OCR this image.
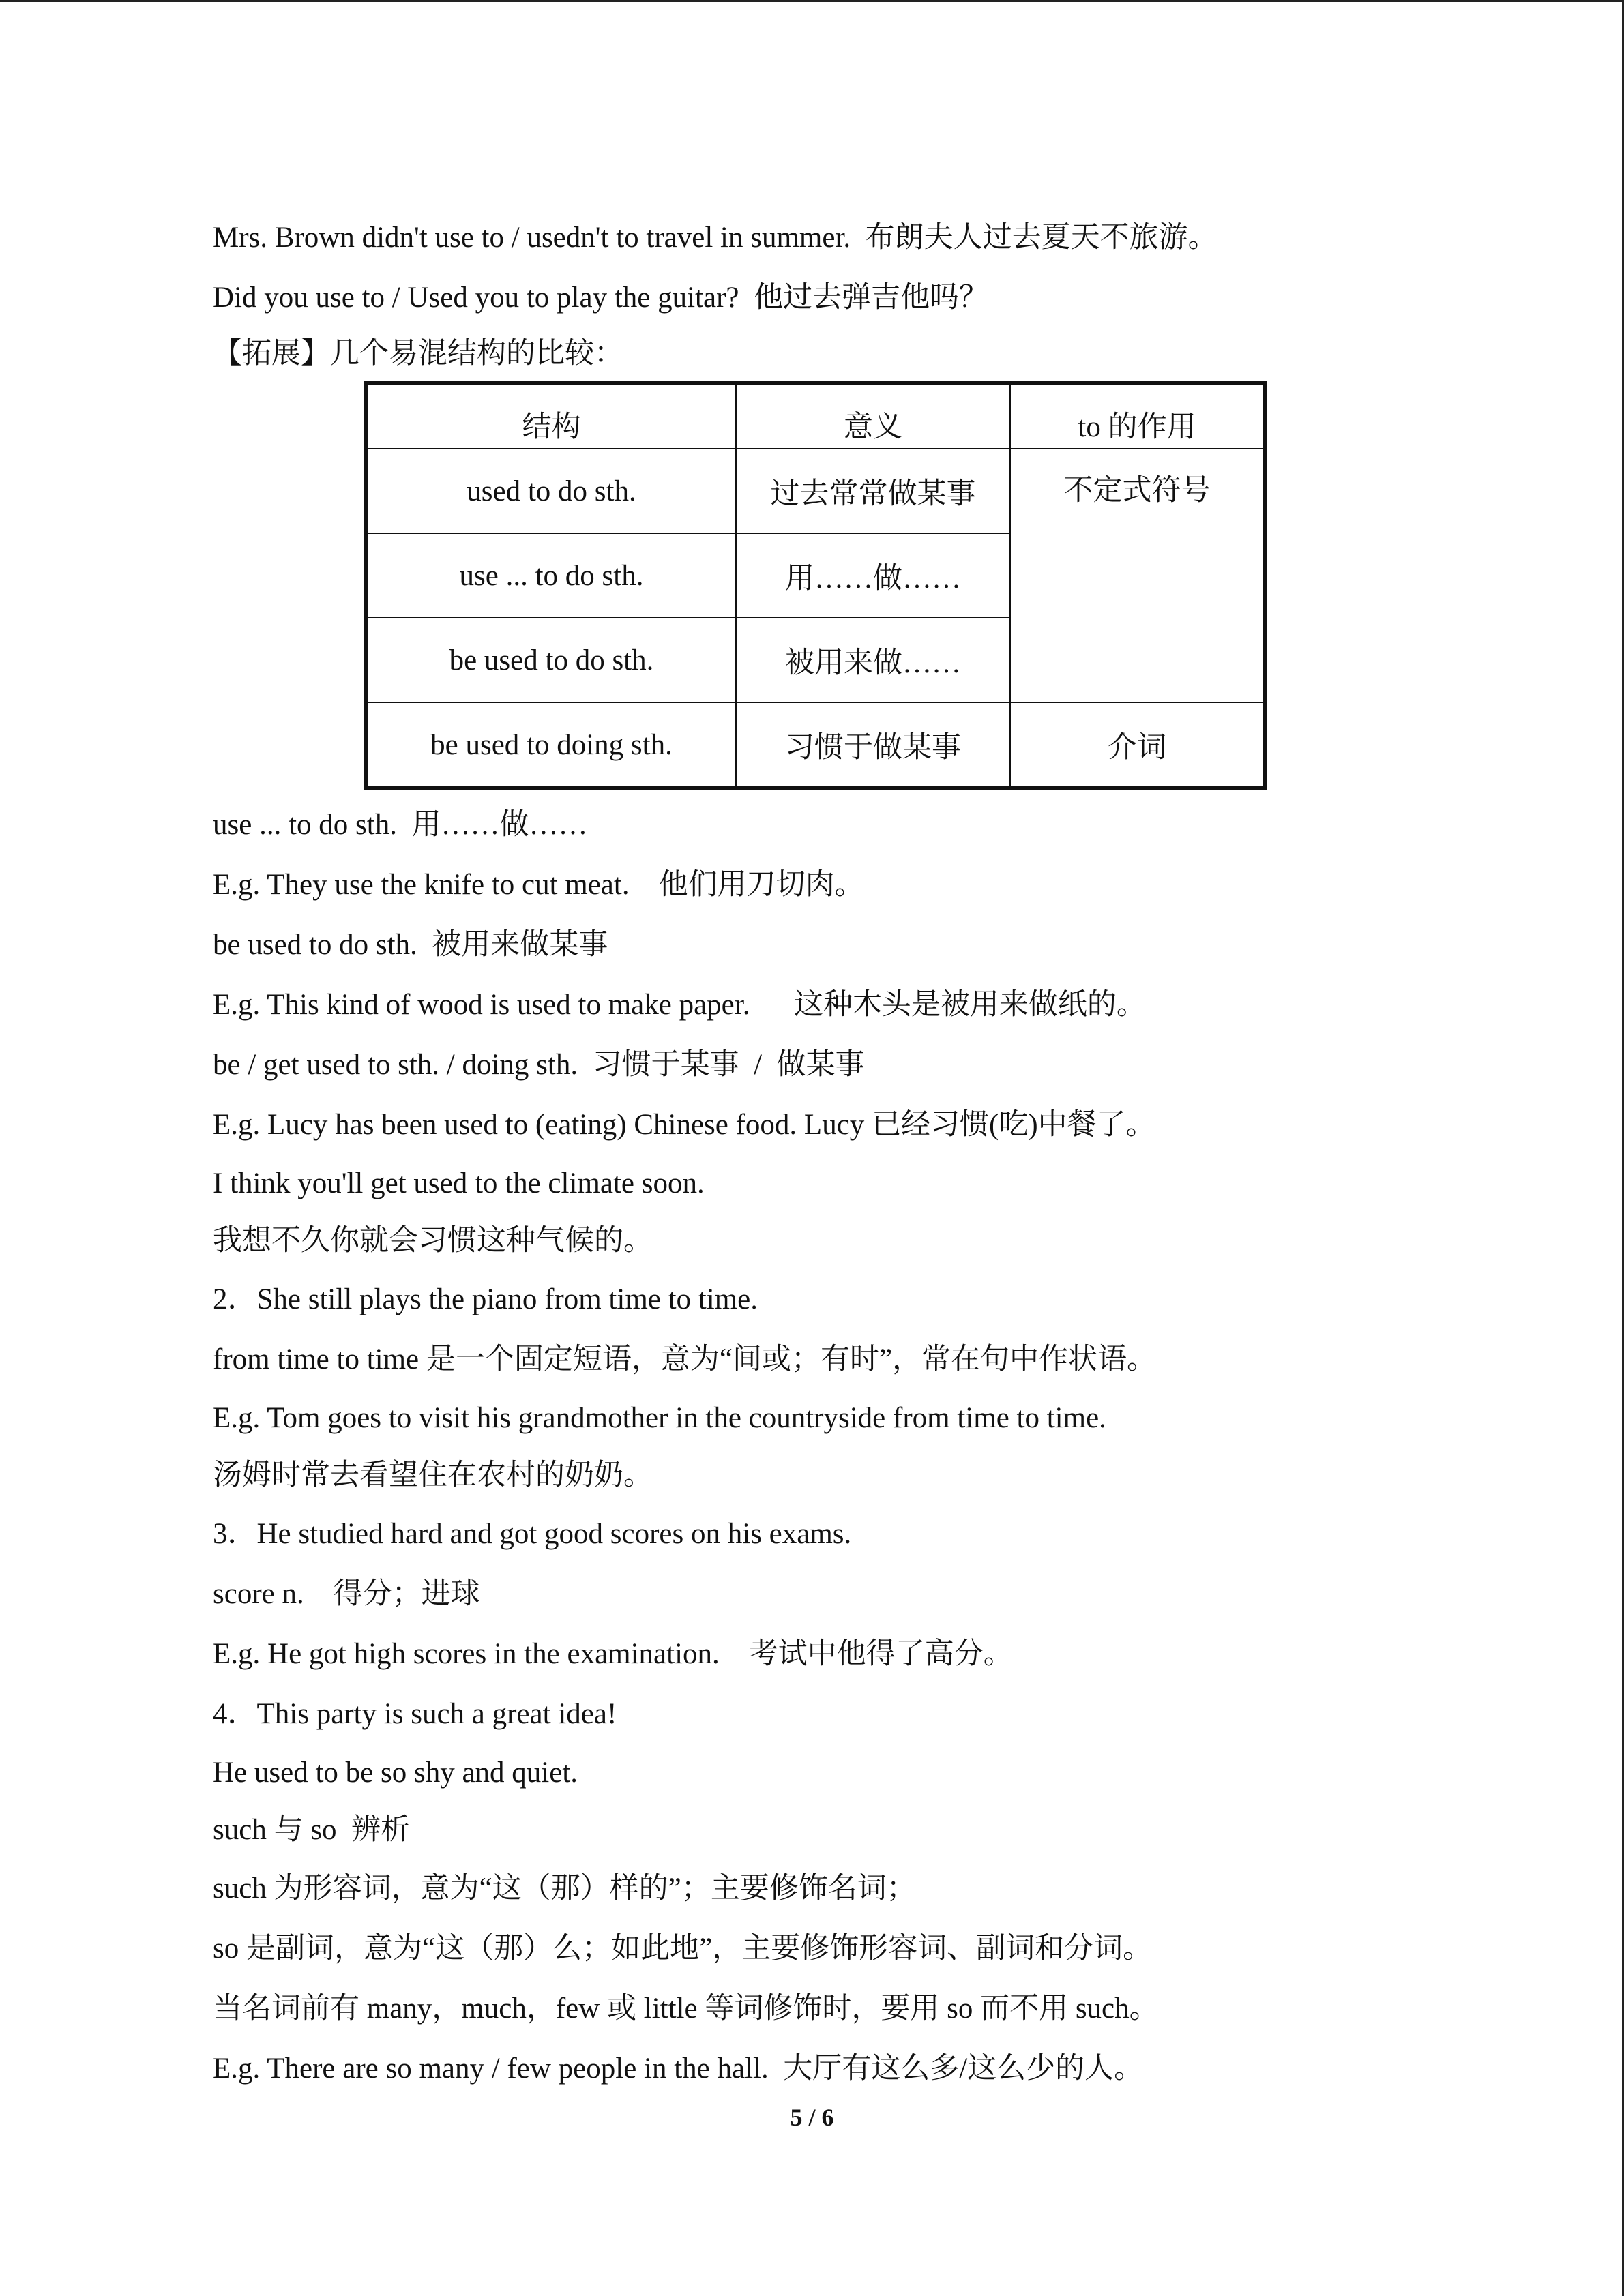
Mrs. Brown didn't use to / usedn't to travel in summer.  布朗夫人过去夏天不旅游。
Did you use to / Used you to play the guitar?  他过去弹吉他吗？
【拓展】几个易混结构的比较：
结构	意义	to 的作用
used to do sth.	过去常常做某事	不定式符号
use ... to do sth.	用……做……	
be used to do sth.	被用来做……	
be used to doing sth.	习惯于做某事	介词
use ... to do sth.  用……做……
E.g. They use the knife to cut meat.    他们用刀切肉。
be used to do sth.  被用来做某事
E.g. This kind of wood is used to make paper.      这种木头是被用来做纸的。
be / get used to sth. / doing sth.  习惯于某事  /  做某事
E.g. Lucy has been used to (eating) Chinese food. Lucy 已经习惯(吃)中餐了。
I think you'll get used to the climate soon.
我想不久你就会习惯这种气候的。
2．She still plays the piano from time to time.
from time to time 是一个固定短语，意为“间或；有时”，常在句中作状语。
E.g. Tom goes to visit his grandmother in the countryside from time to time.
汤姆时常去看望住在农村的奶奶。
3．He studied hard and got good scores on his exams.
score n.    得分；进球
E.g. He got high scores in the examination.    考试中他得了高分。
4．This party is such a great idea!
He used to be so shy and quiet.
such 与 so  辨析
such 为形容词，意为“这（那）样的”；主要修饰名词；
so 是副词，意为“这（那）么；如此地”，主要修饰形容词、副词和分词。
当名词前有 many，much，few 或 little 等词修饰时，要用 so 而不用 such。
E.g. There are so many / few people in the hall.  大厅有这么多/这么少的人。
5 / 6
